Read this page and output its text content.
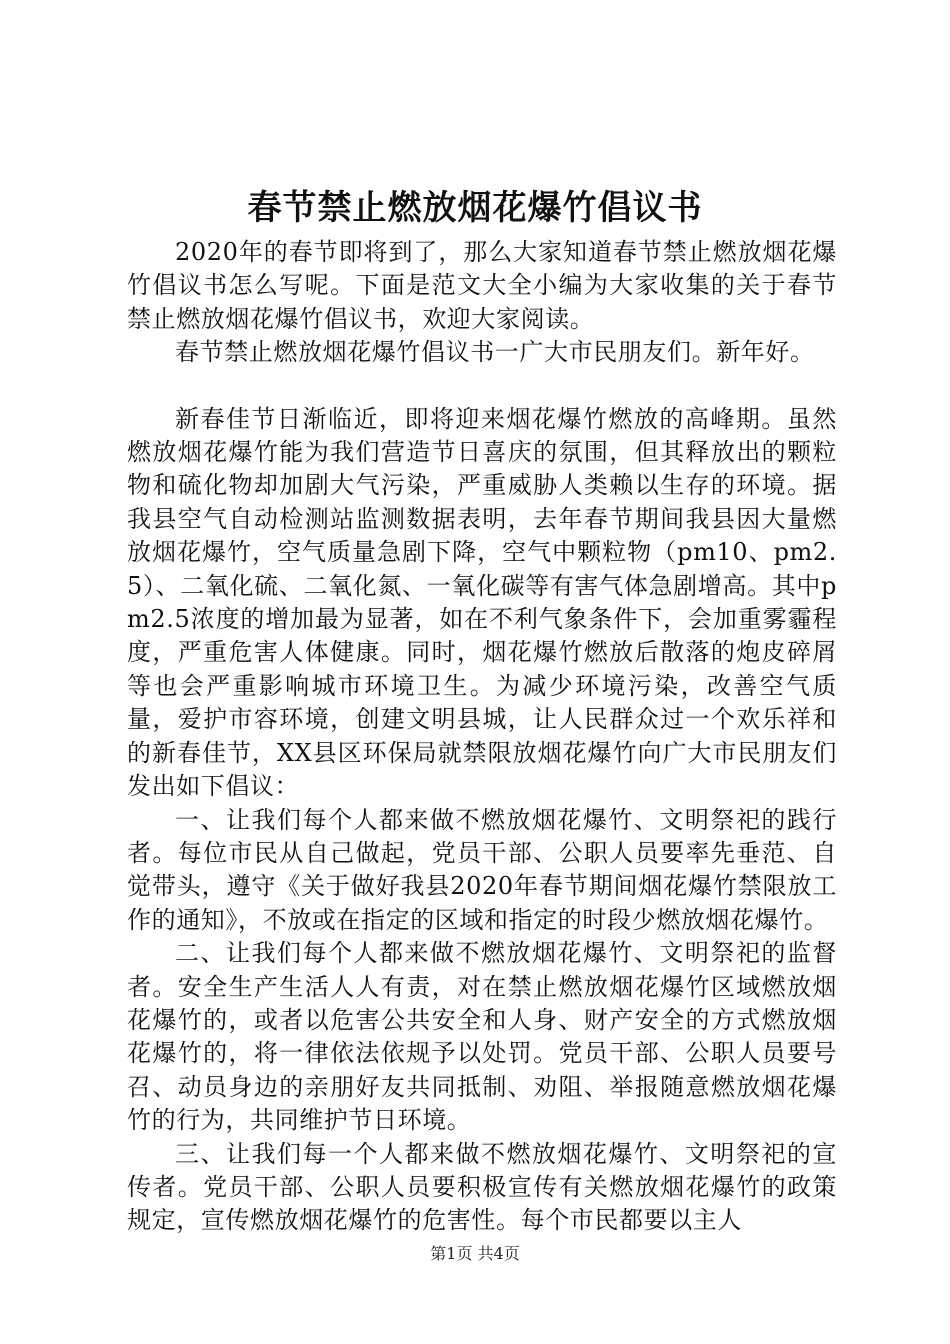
春节禁止燃放烟花爆竹倡议书

2020年的春节即将到了，那么大家知道春节禁止燃放烟花爆竹倡议书怎么写呢。下面是范文大全小编为大家收集的关于春节禁止燃放烟花爆竹倡议书，欢迎大家阅读。

春节禁止燃放烟花爆竹倡议书一广大市民朋友们。新年好。

新春佳节日渐临近，即将迎来烟花爆竹燃放的高峰期。虽然燃放烟花爆竹能为我们营造节日喜庆的氛围，但其释放出的颗粒物和硫化物却加剧大气污染，严重威胁人类赖以生存的环境。据我县空气自动检测站监测数据表明，去年春节期间我县因大量燃放烟花爆竹，空气质量急剧下降，空气中颗粒物（pm10、pm2.5）、二氧化硫、二氧化氮、一氧化碳等有害气体急剧增高。其中pm2.5浓度的增加最为显著，如在不利气象条件下，会加重雾霾程度，严重危害人体健康。同时，烟花爆竹燃放后散落的炮皮碎屑等也会严重影响城市环境卫生。为减少环境污染，改善空气质量，爱护市容环境，创建文明县城，让人民群众过一个欢乐祥和的新春佳节，XX县区环保局就禁限放烟花爆竹向广大市民朋友们发出如下倡议：

一、让我们每个人都来做不燃放烟花爆竹、文明祭祀的践行者。每位市民从自己做起，党员干部、公职人员要率先垂范、自觉带头，遵守《关于做好我县2020年春节期间烟花爆竹禁限放工作的通知》，不放或在指定的区域和指定的时段少燃放烟花爆竹。

二、让我们每个人都来做不燃放烟花爆竹、文明祭祀的监督者。安全生产生活人人有责，对在禁止燃放烟花爆竹区域燃放烟花爆竹的，或者以危害公共安全和人身、财产安全的方式燃放烟花爆竹的，将一律依法依规予以处罚。党员干部、公职人员要号召、动员身边的亲朋好友共同抵制、劝阻、举报随意燃放烟花爆竹的行为，共同维护节日环境。

三、让我们每一个人都来做不燃放烟花爆竹、文明祭祀的宣传者。党员干部、公职人员要积极宣传有关燃放烟花爆竹的政策规定，宣传燃放烟花爆竹的危害性。每个市民都要以主人

第1页 共4页
